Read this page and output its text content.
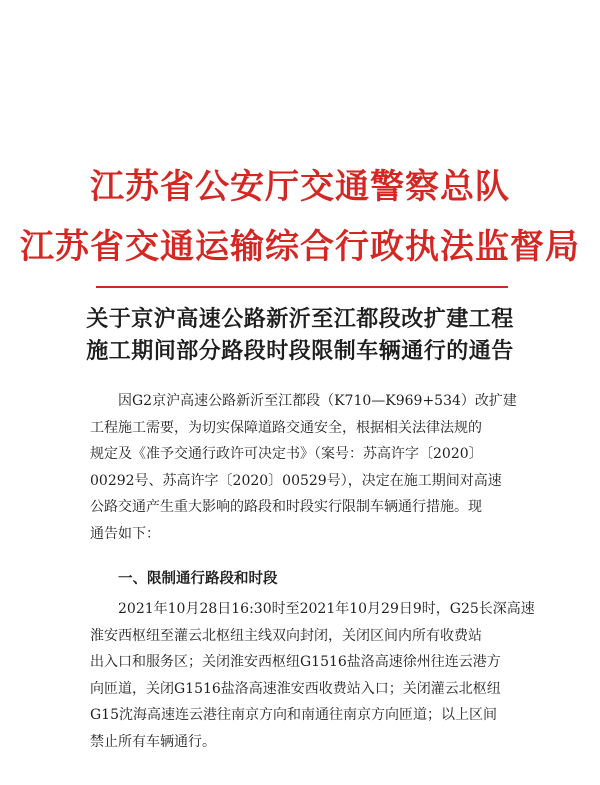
江苏省公安厅交通警察总队
江苏省交通运输综合行政执法监督局
关于京沪高速公路新沂至江都段改扩建工程
施工期间部分路段时段限制车辆通行的通告
因G2京沪高速公路新沂至江都段（K710—K969+534）改扩建
工程施工需要，为切实保障道路交通安全，根据相关法律法规的
规定及《准予交通行政许可决定书》（案号：苏高许字〔2020〕
00292号、苏高许字〔2020〕00529号），决定在施工期间对高速
公路交通产生重大影响的路段和时段实行限制车辆通行措施。现
通告如下：
一、限制通行路段和时段
2021年10月28日16:30时至2021年10月29日9时，G25长深高速
淮安西枢纽至灌云北枢纽主线双向封闭，关闭区间内所有收费站
出入口和服务区；关闭淮安西枢纽G1516盐洛高速徐州往连云港方
向匝道，关闭G1516盐洛高速淮安西收费站入口；关闭灌云北枢纽
G15沈海高速连云港往南京方向和南通往南京方向匝道；以上区间
禁止所有车辆通行。
